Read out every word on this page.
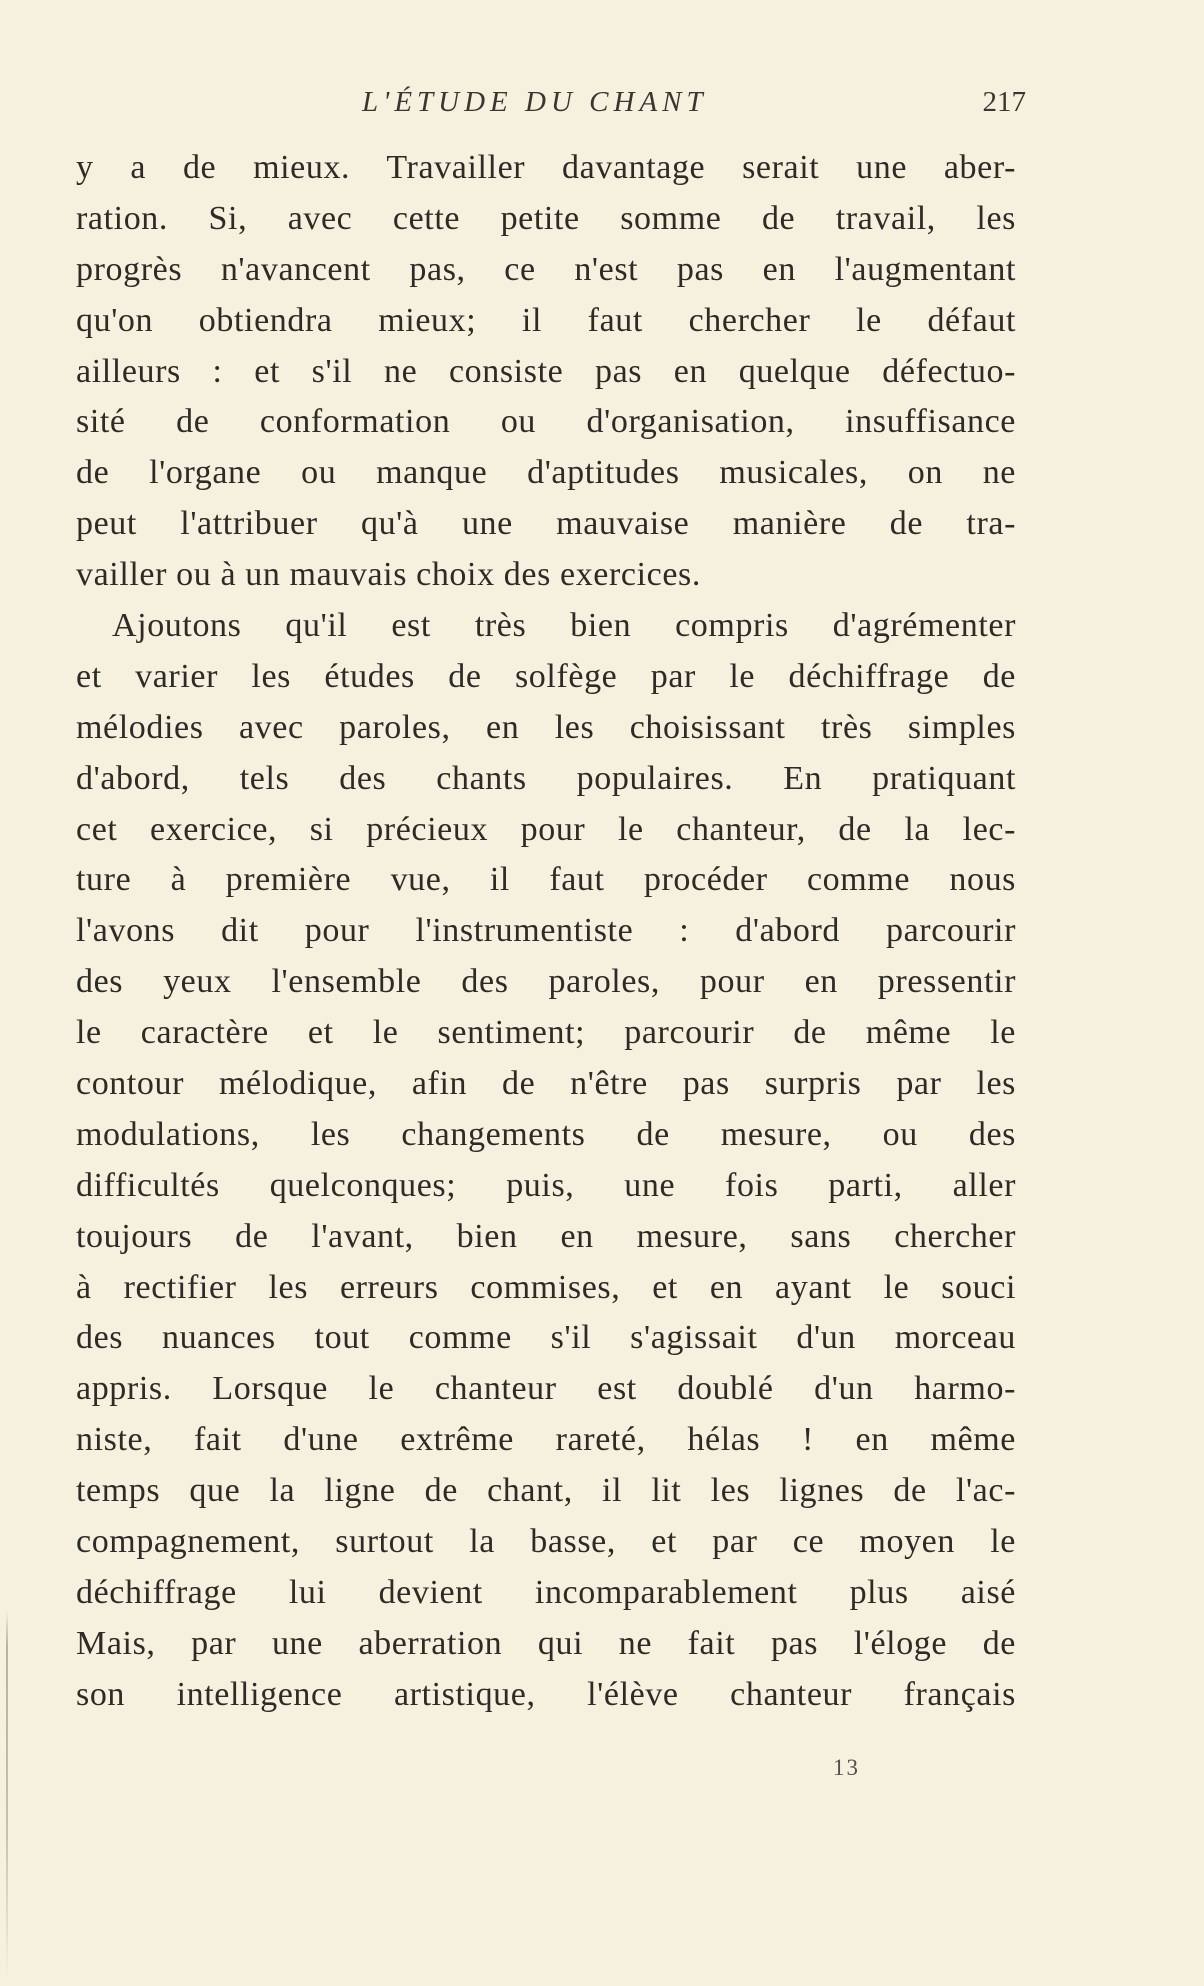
L'ÉTUDE DU CHANT	217
y a de mieux. Travailler davantage serait une aber-
ration. Si, avec cette petite somme de travail, les
progrès n'avancent pas, ce n'est pas en l'augmentant
qu'on obtiendra mieux; il faut chercher le défaut
ailleurs : et s'il ne consiste pas en quelque défectuo-
sité de conformation ou d'organisation, insuffisance
de l'organe ou manque d'aptitudes musicales, on ne
peut l'attribuer qu'à une mauvaise manière de tra-
vailler ou à un mauvais choix des exercices.
Ajoutons qu'il est très bien compris d'agrémenter
et varier les études de solfège par le déchiffrage de
mélodies avec paroles, en les choisissant très simples
d'abord, tels des chants populaires. En pratiquant
cet exercice, si précieux pour le chanteur, de la lec-
ture à première vue, il faut procéder comme nous
l'avons dit pour l'instrumentiste : d'abord parcourir
des yeux l'ensemble des paroles, pour en pressentir
le caractère et le sentiment; parcourir de même le
contour mélodique, afin de n'être pas surpris par les
modulations, les changements de mesure, ou des
difficultés quelconques; puis, une fois parti, aller
toujours de l'avant, bien en mesure, sans chercher
à rectifier les erreurs commises, et en ayant le souci
des nuances tout comme s'il s'agissait d'un morceau
appris. Lorsque le chanteur est doublé d'un harmo-
niste, fait d'une extrême rareté, hélas ! en même
temps que la ligne de chant, il lit les lignes de l'ac-
compagnement, surtout la basse, et par ce moyen le
déchiffrage lui devient incomparablement plus aisé
Mais, par une aberration qui ne fait pas l'éloge de
son intelligence artistique, l'élève chanteur français
13
